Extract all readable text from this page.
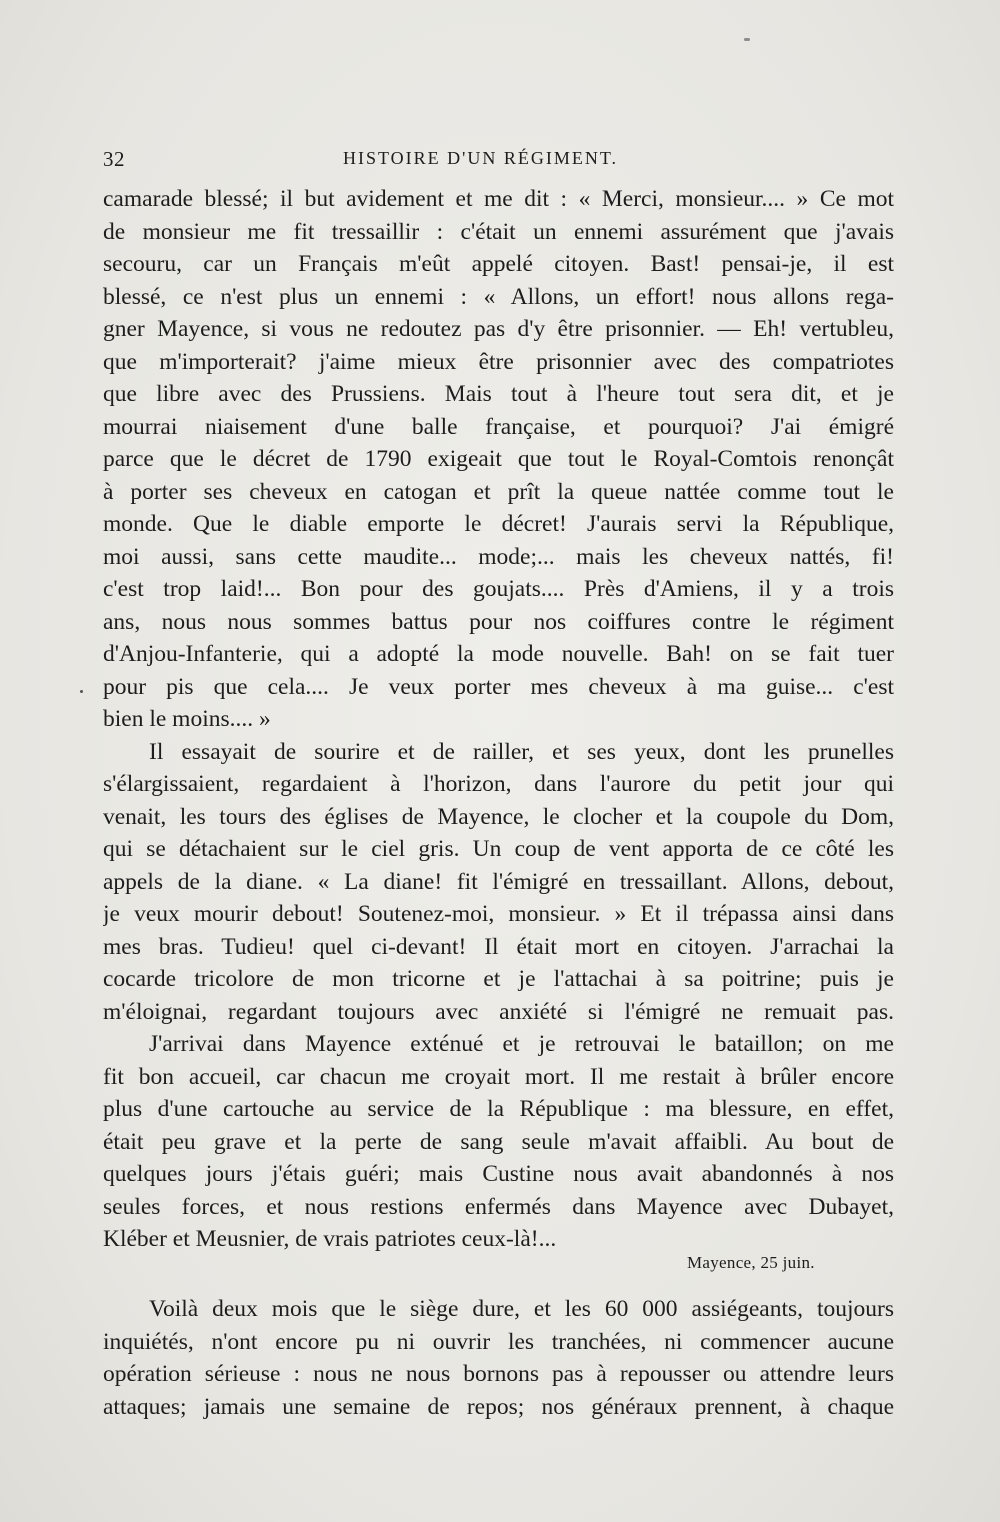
32	HISTOIRE D'UN RÉGIMENT.
camarade blessé; il but avidement et me dit : « Merci, monsieur.... » Ce mot
de monsieur me fit tressaillir : c'était un ennemi assurément que j'avais
secouru, car un Français m'eût appelé citoyen. Bast! pensai-je, il est
blessé, ce n'est plus un ennemi : « Allons, un effort! nous allons rega-
gner Mayence, si vous ne redoutez pas d'y être prisonnier. — Eh! vertubleu,
que m'importerait? j'aime mieux être prisonnier avec des compatriotes
que libre avec des Prussiens. Mais tout à l'heure tout sera dit, et je
mourrai niaisement d'une balle française, et pourquoi? J'ai émigré
parce que le décret de 1790 exigeait que tout le Royal-Comtois renonçât
à porter ses cheveux en catogan et prît la queue nattée comme tout le
monde. Que le diable emporte le décret! J'aurais servi la République,
moi aussi, sans cette maudite... mode;... mais les cheveux nattés, fi!
c'est trop laid!... Bon pour des goujats.... Près d'Amiens, il y a trois
ans, nous nous sommes battus pour nos coiffures contre le régiment
d'Anjou-Infanterie, qui a adopté la mode nouvelle. Bah! on se fait tuer
pour pis que cela.... Je veux porter mes cheveux à ma guise... c'est
bien le moins.... »
Il essayait de sourire et de railler, et ses yeux, dont les prunelles
s'élargissaient, regardaient à l'horizon, dans l'aurore du petit jour qui
venait, les tours des églises de Mayence, le clocher et la coupole du Dom,
qui se détachaient sur le ciel gris. Un coup de vent apporta de ce côté les
appels de la diane. « La diane! fit l'émigré en tressaillant. Allons, debout,
je veux mourir debout! Soutenez-moi, monsieur. » Et il trépassa ainsi dans
mes bras. Tudieu! quel ci-devant! Il était mort en citoyen. J'arrachai la
cocarde tricolore de mon tricorne et je l'attachai à sa poitrine; puis je
m'éloignai, regardant toujours avec anxiété si l'émigré ne remuait pas.
J'arrivai dans Mayence exténué et je retrouvai le bataillon; on me
fit bon accueil, car chacun me croyait mort. Il me restait à brûler encore
plus d'une cartouche au service de la République : ma blessure, en effet,
était peu grave et la perte de sang seule m'avait affaibli. Au bout de
quelques jours j'étais guéri; mais Custine nous avait abandonnés à nos
seules forces, et nous restions enfermés dans Mayence avec Dubayet,
Kléber et Meusnier, de vrais patriotes ceux-là!...
Mayence, 25 juin.
Voilà deux mois que le siège dure, et les 60 000 assiégeants, toujours
inquiétés, n'ont encore pu ni ouvrir les tranchées, ni commencer aucune
opération sérieuse : nous ne nous bornons pas à repousser ou attendre leurs
attaques; jamais une semaine de repos; nos généraux prennent, à chaque
